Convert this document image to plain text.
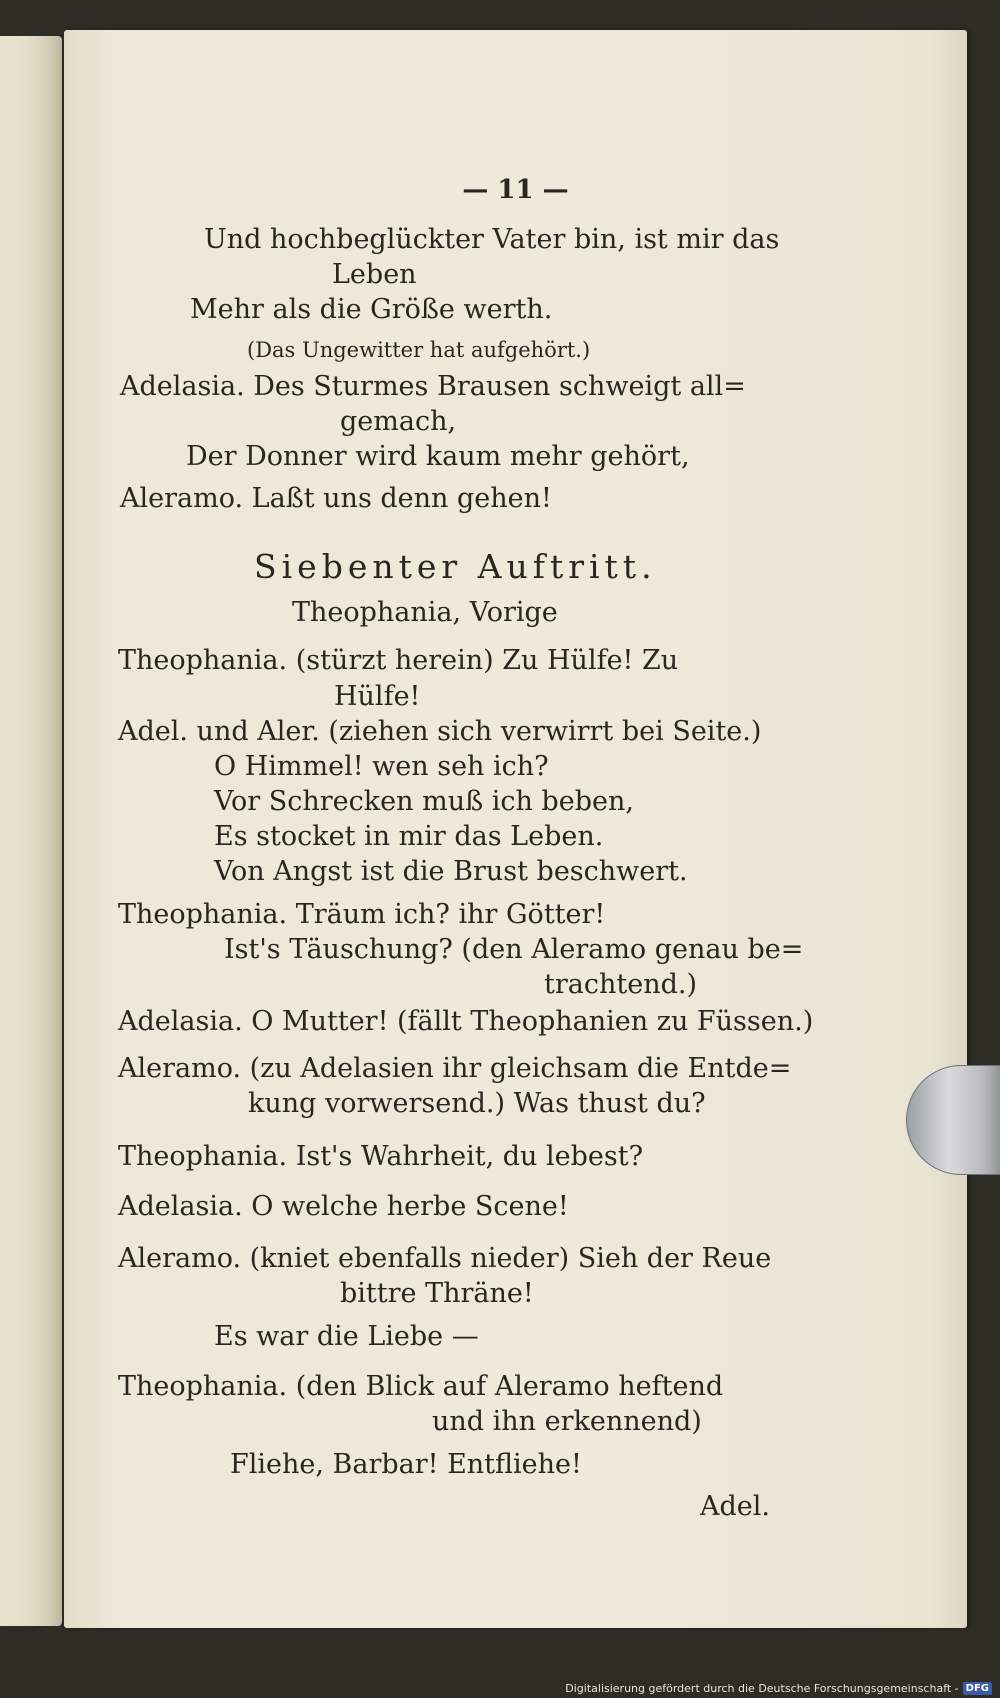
— 11 —
Und hochbeglückter Vater bin, ist mir das
Leben
Mehr als die Größe werth.
(Das Ungewitter hat aufgehört.)
Adelasia. Des Sturmes Brausen schweigt all=
gemach,
Der Donner wird kaum mehr gehört,
Aleramo. Laßt uns denn gehen!
Siebenter Auftritt.
Theophania, Vorige
Theophania. (stürzt herein) Zu Hülfe! Zu
Hülfe!
Adel. und Aler. (ziehen sich verwirrt bei Seite.)
O Himmel! wen seh ich?
Vor Schrecken muß ich beben,
Es stocket in mir das Leben.
Von Angst ist die Brust beschwert.
Theophania. Träum ich? ihr Götter!
Ist's Täuschung? (den Aleramo genau be=
trachtend.)
Adelasia. O Mutter! (fällt Theophanien zu Füssen.)
Aleramo. (zu Adelasien ihr gleichsam die Entde=
kung vorwersend.) Was thust du?
Theophania. Ist's Wahrheit, du lebest?
Adelasia. O welche herbe Scene!
Aleramo. (kniet ebenfalls nieder) Sieh der Reue
bittre Thräne!
Es war die Liebe —
Theophania. (den Blick auf Aleramo heftend
und ihn erkennend)
Fliehe, Barbar! Entfliehe!
Adel.
Digitalisierung gefördert durch die Deutsche Forschungsgemeinschaft - DFG
